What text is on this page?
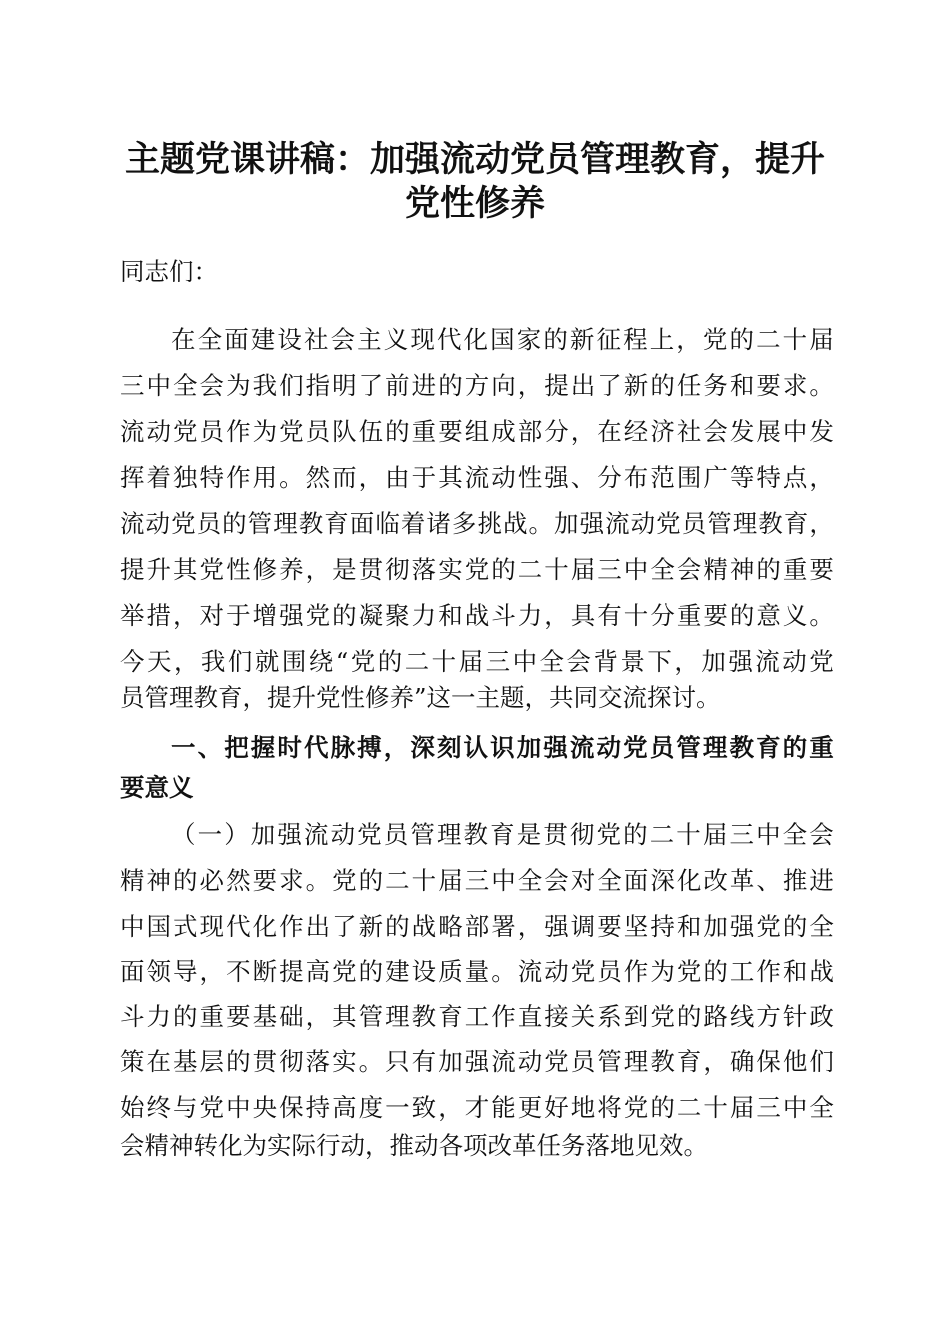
主题党课讲稿：加强流动党员管理教育，提升
党性修养
同志们：
在 全 面 建 设 社 会 主 义 现 代 化 国 家 的 新 征 程 上 ， 党 的 二 十 届
三 中 全 会 为 我 们 指 明 了 前 进 的 方 向 ， 提 出 了 新 的 任 务 和 要 求 。
流 动 党 员 作 为 党 员 队 伍 的 重 要 组 成 部 分 ， 在 经 济 社 会 发 展 中 发
挥 着 独 特 作 用 。 然 而 ， 由 于 其 流 动 性 强 、 分 布 范 围 广 等 特 点 ，
流 动 党 员 的 管 理 教 育 面 临 着 诸 多 挑 战 。 加 强 流 动 党 员 管 理 教 育 ，
提 升 其 党 性 修 养 ， 是 贯 彻 落 实 党 的 二 十 届 三 中 全 会 精 神 的 重 要
举 措 ， 对 于 增 强 党 的 凝 聚 力 和 战 斗 力 ， 具 有 十 分 重 要 的 意 义 。
今 天 ， 我 们 就 围 绕 “ 党 的 二 十 届 三 中 全 会 背 景 下 ， 加 强 流 动 党
员管理教育，提升党性修养”这一主题，共同交流探讨。
一 、 把 握 时 代 脉 搏 ， 深 刻 认 识 加 强 流 动 党 员 管 理 教 育 的 重
要意义
（ 一 ） 加 强 流 动 党 员 管 理 教 育 是 贯 彻 党 的 二 十 届 三 中 全 会
精 神 的 必 然 要 求 。 党 的 二 十 届 三 中 全 会 对 全 面 深 化 改 革 、 推 进
中 国 式 现 代 化 作 出 了 新 的 战 略 部 署 ， 强 调 要 坚 持 和 加 强 党 的 全
面 领 导 ， 不 断 提 高 党 的 建 设 质 量 。 流 动 党 员 作 为 党 的 工 作 和 战
斗 力 的 重 要 基 础 ， 其 管 理 教 育 工 作 直 接 关 系 到 党 的 路 线 方 针 政
策 在 基 层 的 贯 彻 落 实 。 只 有 加 强 流 动 党 员 管 理 教 育 ， 确 保 他 们
始 终 与 党 中 央 保 持 高 度 一 致 ， 才 能 更 好 地 将 党 的 二 十 届 三 中 全
会精神转化为实际行动，推动各项改革任务落地见效。
